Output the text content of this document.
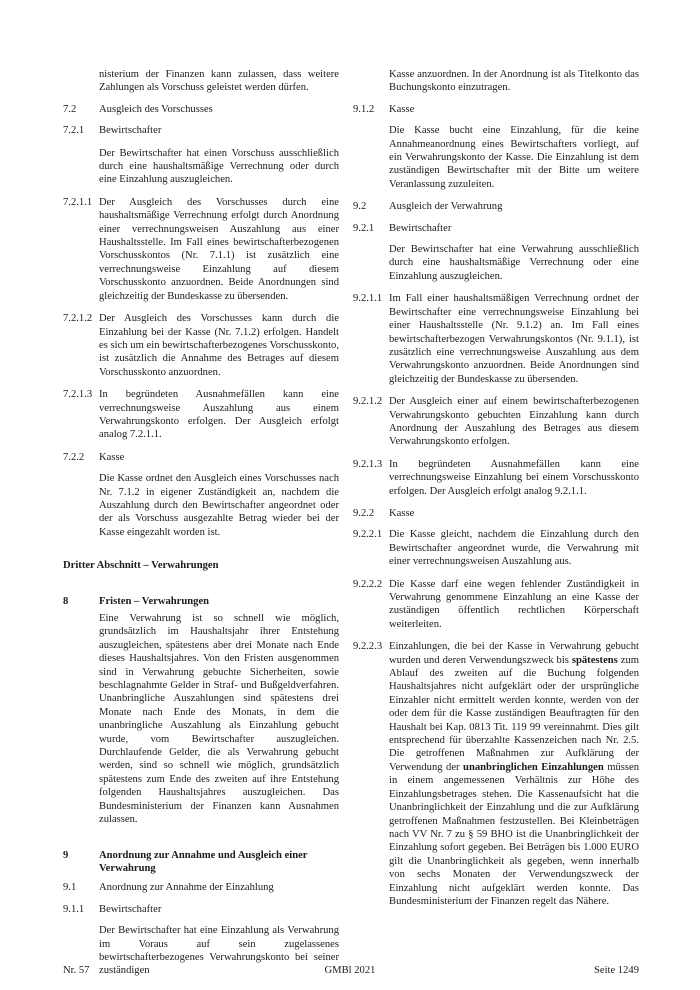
nisterium der Finanzen kann zulassen, dass weitere Zahlungen als Vorschuss geleistet werden dürfen.
7.2 Ausgleich des Vorschusses
7.2.1 Bewirtschafter
Der Bewirtschafter hat einen Vorschuss ausschließlich durch eine haushaltsmäßige Verrechnung oder durch eine Einzahlung auszugleichen.
7.2.1.1 Der Ausgleich des Vorschusses durch eine haushaltsmäßige Verrechnung erfolgt durch Anordnung einer verrechnungsweisen Auszahlung aus einer Haushaltsstelle. Im Fall eines bewirtschafterbezogenen Vorschusskontos (Nr. 7.1.1) ist zusätzlich eine verrechnungsweise Einzahlung auf diesem Vorschusskonto anzuordnen. Beide Anordnungen sind gleichzeitig der Bundeskasse zu übersenden.
7.2.1.2 Der Ausgleich des Vorschusses kann durch die Einzahlung bei der Kasse (Nr. 7.1.2) erfolgen. Handelt es sich um ein bewirtschafterbezogenes Vorschusskonto, ist zusätzlich die Annahme des Betrages auf diesem Vorschusskonto anzuordnen.
7.2.1.3 In begründeten Ausnahmefällen kann eine verrechnungsweise Auszahlung aus einem Verwahrungskonto erfolgen. Der Ausgleich erfolgt analog 7.2.1.1.
7.2.2 Kasse
Die Kasse ordnet den Ausgleich eines Vorschusses nach Nr. 7.1.2 in eigener Zuständigkeit an, nachdem die Auszahlung durch den Bewirtschafter angeordnet oder der als Vorschuss ausgezahlte Betrag wieder bei der Kasse eingezahlt worden ist.
Dritter Abschnitt – Verwahrungen
8	Fristen – Verwahrungen
Eine Verwahrung ist so schnell wie möglich, grundsätzlich im Haushaltsjahr ihrer Entstehung auszugleichen, spätestens aber drei Monate nach Ende dieses Haushaltsjahres. Von den Fristen ausgenommen sind in Verwahrung gebuchte Sicherheiten, sowie beschlagnahmte Gelder in Straf- und Bußgeldverfahren. Unanbringliche Auszahlungen sind spätestens drei Monate nach Ende des Monats, in dem die unanbringliche Auszahlung als Einzahlung gebucht wurde, vom Bewirtschafter auszugleichen. Durchlaufende Gelder, die als Verwahrung gebucht werden, sind so schnell wie möglich, grundsätzlich spätestens zum Ende des zweiten auf ihre Entstehung folgenden Haushaltsjahres auszugleichen. Das Bundesministerium der Finanzen kann Ausnahmen zulassen.
9	Anordnung zur Annahme und Ausgleich einer Verwahrung
9.1 Anordnung zur Annahme der Einzahlung
9.1.1 Bewirtschafter
Der Bewirtschafter hat eine Einzahlung als Verwahrung im Voraus auf sein zugelassenes bewirtschafterbezogenes Verwahrungskonto bei seiner zuständigen
Kasse anzuordnen. In der Anordnung ist als Titelkonto das Buchungskonto einzutragen.
9.1.2 Kasse
Die Kasse bucht eine Einzahlung, für die keine Annahmeanordnung eines Bewirtschafters vorliegt, auf ein Verwahrungskonto der Kasse. Die Einzahlung ist dem zuständigen Bewirtschafter mit der Bitte um weitere Veranlassung zuzuleiten.
9.2 Ausgleich der Verwahrung
9.2.1 Bewirtschafter
Der Bewirtschafter hat eine Verwahrung ausschließlich durch eine haushaltsmäßige Verrechnung oder eine Einzahlung auszugleichen.
9.2.1.1 Im Fall einer haushaltsmäßigen Verrechnung ordnet der Bewirtschafter eine verrechnungsweise Einzahlung bei einer Haushaltsstelle (Nr. 9.1.2) an. Im Fall eines bewirtschafterbezogen Verwahrungskontos (Nr. 9.1.1), ist zusätzlich eine verrechnungsweise Auszahlung aus dem Verwahrungskonto anzuordnen. Beide Anordnungen sind gleichzeitig der Bundeskasse zu übersenden.
9.2.1.2 Der Ausgleich einer auf einem bewirtschafterbezogenen Verwahrungskonto gebuchten Einzahlung kann durch Anordnung der Auszahlung des Betrages aus diesem Verwahrungskonto erfolgen.
9.2.1.3 In begründeten Ausnahmefällen kann eine verrechnungsweise Einzahlung bei einem Vorschusskonto erfolgen. Der Ausgleich erfolgt analog 9.2.1.1.
9.2.2 Kasse
9.2.2.1 Die Kasse gleicht, nachdem die Einzahlung durch den Bewirtschafter angeordnet wurde, die Verwahrung mit einer verrechnungsweisen Auszahlung aus.
9.2.2.2 Die Kasse darf eine wegen fehlender Zuständigkeit in Verwahrung genommene Einzahlung an eine Kasse der zuständigen öffentlich rechtlichen Körperschaft weiterleiten.
9.2.2.3 Einzahlungen, die bei der Kasse in Verwahrung gebucht wurden und deren Verwendungszweck bis spätestens zum Ablauf des zweiten auf die Buchung folgenden Haushaltsjahres nicht aufgeklärt oder der ursprüngliche Einzahler nicht ermittelt werden konnte, werden von der oder dem für die Kasse zuständigen Beauftragten für den Haushalt bei Kap. 0813 Tit. 119 99 vereinnahmt. Dies gilt entsprechend für überzahlte Kassenzeichen nach Nr. 2.5. Die getroffenen Maßnahmen zur Aufklärung der Verwendung der unanbringlichen Einzahlungen müssen in einem angemessenen Verhältnis zur Höhe des Einzahlungsbetrages stehen. Die Kassenaufsicht hat die Unanbringlichkeit der Einzahlung und die zur Aufklärung getroffenen Maßnahmen festzustellen. Bei Kleinbeträgen nach VV Nr. 7 zu § 59 BHO ist die Unanbringlichkeit der Einzahlung sofort gegeben. Bei Beträgen bis 1.000 EURO gilt die Unanbringlichkeit als gegeben, wenn innerhalb von sechs Monaten der Verwendungszweck der Einzahlung nicht aufgeklärt werden konnte. Das Bundesministerium der Finanzen regelt das Nähere.
Nr. 57	GMBl 2021	Seite 1249
